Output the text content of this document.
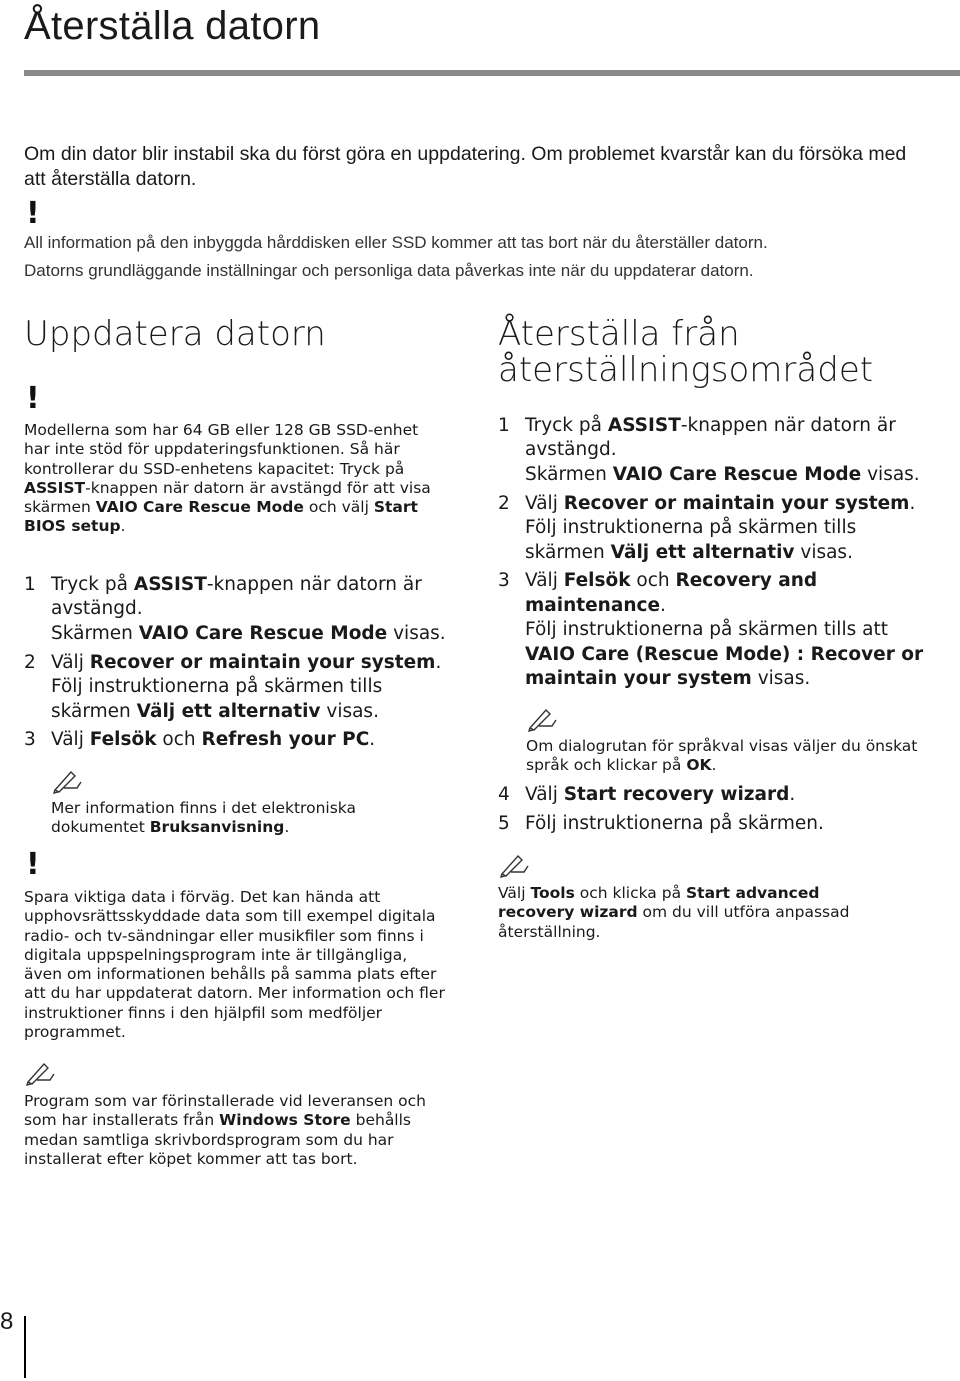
Återställa datorn

Om din dator blir instabil ska du först göra en uppdatering. Om problemet kvarstår kan du försöka med att återställa datorn.

!

All information på den inbyggda hårddisken eller SSD kommer att tas bort när du återställer datorn.

Datorns grundläggande inställningar och personliga data påverkas inte när du uppdaterar datorn.

Uppdatera datorn
!

Modellerna som har 64 GB eller 128 GB SSD-enhet har inte stöd för uppdateringsfunktionen. Så här kontrollerar du SSD-enhetens kapacitet: Tryck på ASSIST-knappen när datorn är avstängd för att visa skärmen VAIO Care Rescue Mode och välj Start BIOS setup.

1 Tryck på ASSIST-knappen när datorn är avstängd.
Skärmen VAIO Care Rescue Mode visas.
2 Välj Recover or maintain your system.
Följ instruktionerna på skärmen tills skärmen Välj ett alternativ visas.
3 Välj Felsök och Refresh your PC.

Mer information finns i det elektroniska dokumentet Bruksanvisning.

!

Spara viktiga data i förväg. Det kan hända att upphovsrättsskyddade data som till exempel digitala radio- och tv-sändningar eller musikfiler som finns i digitala uppspelningsprogram inte är tillgängliga, även om informationen behålls på samma plats efter att du har uppdaterat datorn. Mer information och fler instruktioner finns i den hjälpfil som medföljer programmet.

Program som var förinstallerade vid leveransen och som har installerats från Windows Store behålls medan samtliga skrivbordsprogram som du har installerat efter köpet kommer att tas bort.

Återställa från
återställningsområdet
1 Tryck på ASSIST-knappen när datorn är avstängd.
Skärmen VAIO Care Rescue Mode visas.
2 Välj Recover or maintain your system.
Följ instruktionerna på skärmen tills skärmen Välj ett alternativ visas.
3 Välj Felsök och Recovery and maintenance.
Följ instruktionerna på skärmen tills att VAIO Care (Rescue Mode) : Recover or maintain your system visas.

Om dialogrutan för språkval visas väljer du önskat språk och klickar på OK.

4 Välj Start recovery wizard.
5 Följ instruktionerna på skärmen.

Välj Tools och klicka på Start advanced recovery wizard om du vill utföra anpassad återställning.

8
